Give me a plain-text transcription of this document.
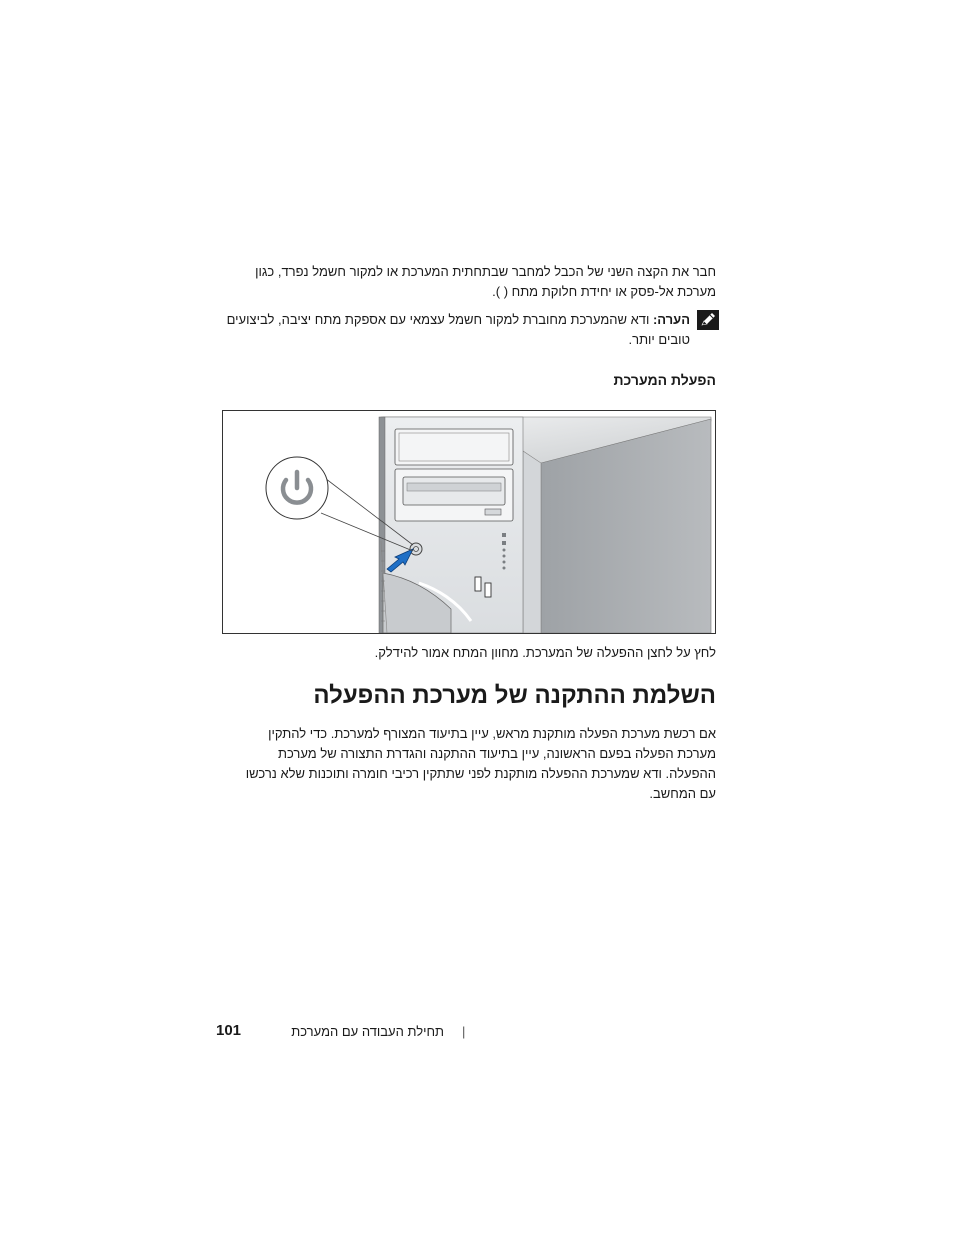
חבר את הקצה השני של הכבל למחבר שבתחתית המערכת או למקור חשמל נפרד, כגון
מערכת אל-פסק או יחידת חלוקת מתח ( ).
הערה: ודא שהמערכת מחוברת למקור חשמל עצמאי עם אספקת מתח יציבה, לביצועים
טובים יותר.
הפעלת המערכת
לחץ על לחצן ההפעלה של המערכת. מחוון המתח אמור להידלק.
השלמת ההתקנה של מערכת ההפעלה
אם רכשת מערכת הפעלה מותקנת מראש, עיין בתיעוד המצורף למערכת. כדי להתקין
מערכת הפעלה בפעם הראשונה, עיין בתיעוד ההתקנה והגדרת התצורה של מערכת
ההפעלה. ודא שמערכת ההפעלה מותקנת לפני שתתקין רכיבי חומרה ותוכנות שלא נרכשו
עם המחשב.
תחילת העבודה עם המערכת |
101
